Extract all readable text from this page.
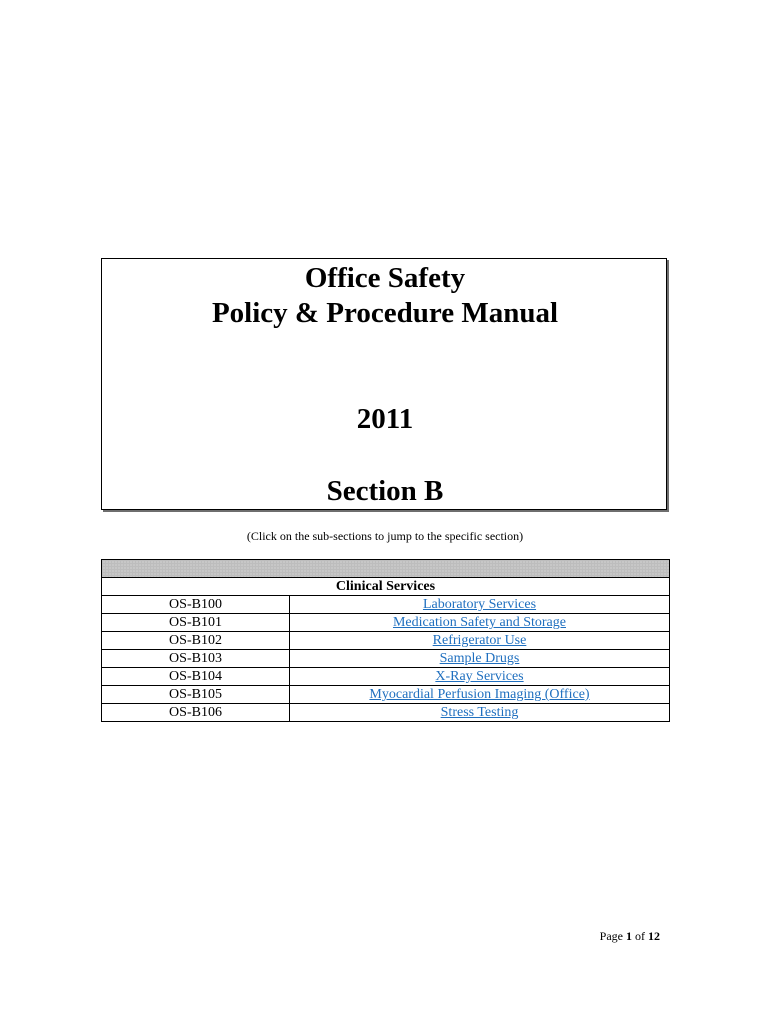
Office Safety
Policy & Procedure Manual
2011
Section B
(Click on the sub-sections to jump to the specific section)

Clinical Services	
OS-B100	Laboratory Services
OS-B101	Medication Safety and Storage
OS-B102	Refrigerator Use
OS-B103	Sample Drugs
OS-B104	X-Ray Services
OS-B105	Myocardial Perfusion Imaging (Office)
OS-B106	Stress Testing
Page 1 of 12
